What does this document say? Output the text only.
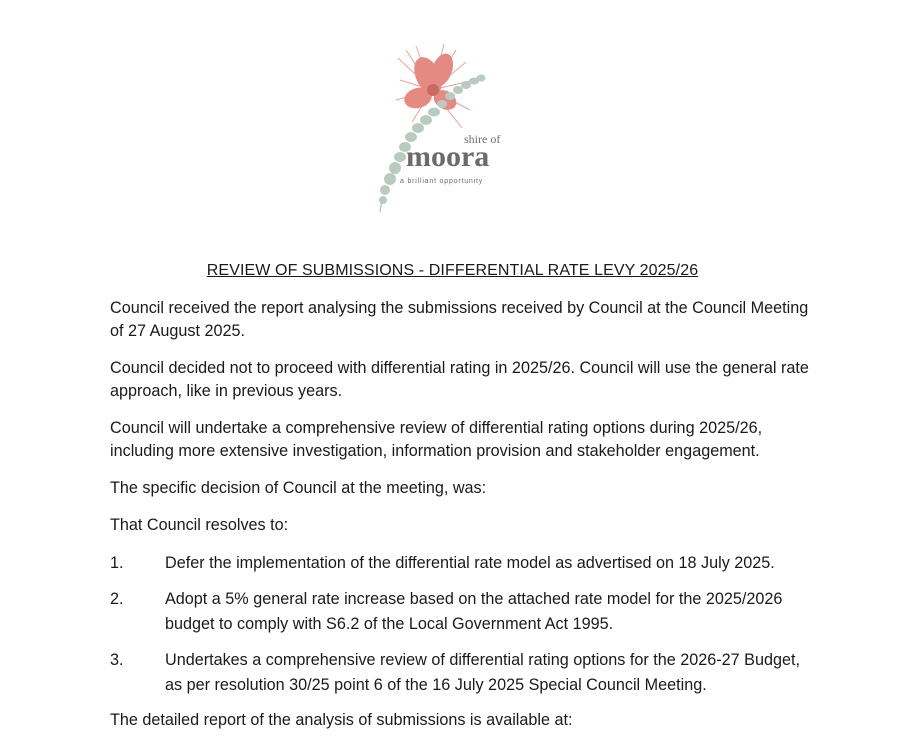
shire of
moora
a brilliant opportunity
REVIEW OF SUBMISSIONS - DIFFERENTIAL RATE LEVY 2025/26

Council received the report analysing the submissions received by Council at the Council Meeting of 27 August 2025.

Council decided not to proceed with differential rating in 2025/26. Council will use the general rate approach, like in previous years.

Council will undertake a comprehensive review of differential rating options during 2025/26, including more extensive investigation, information provision and stakeholder engagement.

The specific decision of Council at the meeting, was:

That Council resolves to:

1.	Defer the implementation of the differential rate model as advertised on 18 July 2025.
2.	Adopt a 5% general rate increase based on the attached rate model for the 2025/2026 budget to comply with S6.2 of the Local Government Act 1995.
3.	Undertakes a comprehensive review of differential rating options for the 2026-27 Budget, as per resolution 30/25 point 6 of the 16 July 2025 Special Council Meeting.

The detailed report of the analysis of submissions is available at:
